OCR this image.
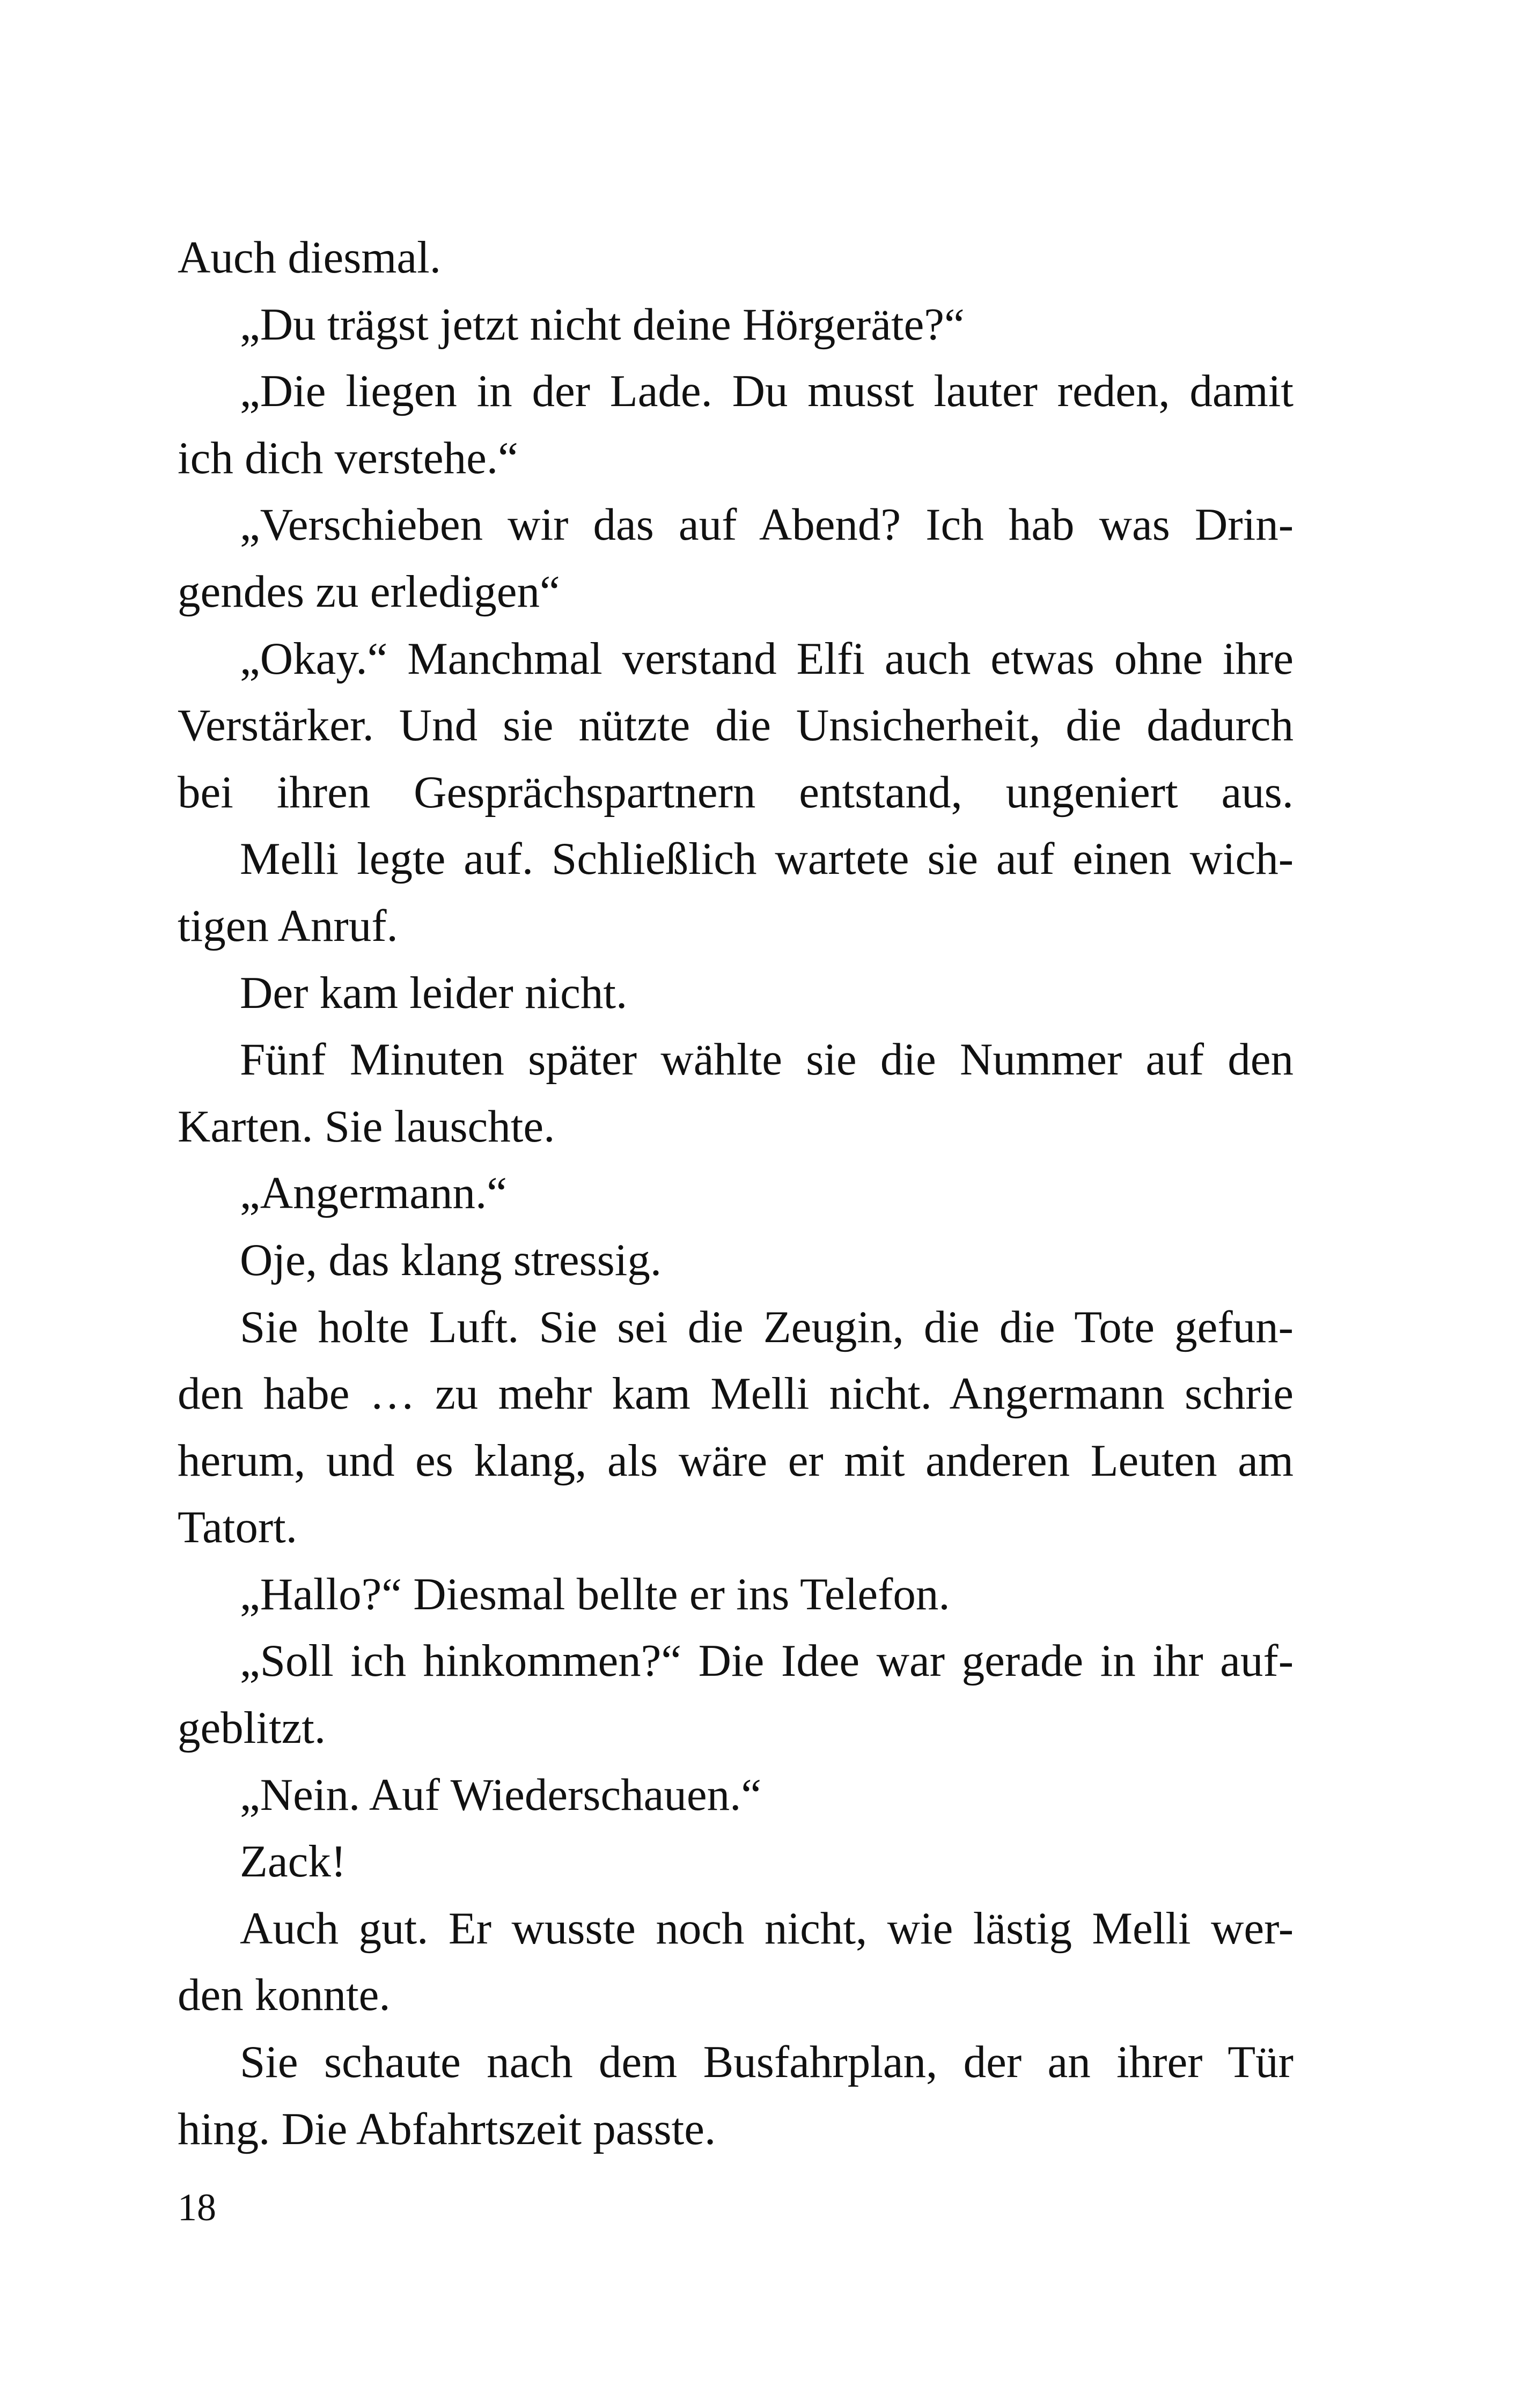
Auch diesmal.
„Du trägst jetzt nicht deine Hörgeräte?“
„Die liegen in der Lade. Du musst lauter reden, damit
ich dich verstehe.“
„Verschieben wir das auf Abend? Ich hab was Drin-
gendes zu erledigen“
„Okay.“ Manchmal verstand Elfi auch etwas ohne ihre
Verstärker. Und sie nützte die Unsicherheit, die dadurch
bei ihren Gesprächspartnern entstand, ungeniert aus.
Melli legte auf. Schließlich wartete sie auf einen wich-
tigen Anruf.
Der kam leider nicht.
Fünf Minuten später wählte sie die Nummer auf den
Karten. Sie lauschte.
„Angermann.“
Oje, das klang stressig.
Sie holte Luft. Sie sei die Zeugin, die die Tote gefun-
den habe … zu mehr kam Melli nicht. Angermann schrie
herum, und es klang, als wäre er mit anderen Leuten am
Tatort.
„Hallo?“ Diesmal bellte er ins Telefon.
„Soll ich hinkommen?“ Die Idee war gerade in ihr auf-
geblitzt.
„Nein. Auf Wiederschauen.“
Zack!
Auch gut. Er wusste noch nicht, wie lästig Melli wer-
den konnte.
Sie schaute nach dem Busfahrplan, der an ihrer Tür
hing. Die Abfahrtszeit passte.
18
